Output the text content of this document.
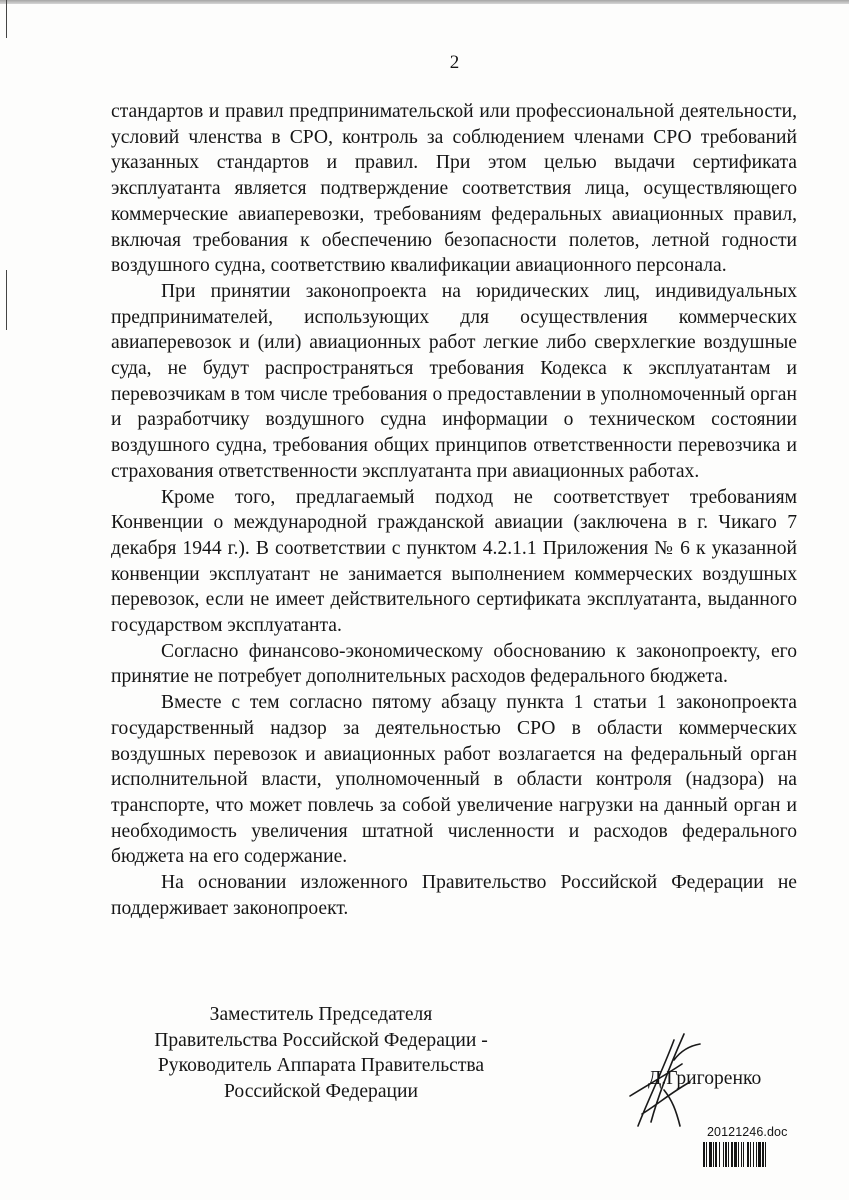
2

стандартов и правил предпринимательской или профессиональной деятельности, условий членства в СРО, контроль за соблюдением членами СРО требований указанных стандартов и правил. При этом целью выдачи сертификата эксплуатанта является подтверждение соответствия лица, осуществляющего коммерческие авиаперевозки, требованиям федеральных авиационных правил, включая требования к обеспечению безопасности полетов, летной годности воздушного судна, соответствию квалификации авиационного персонала.

При принятии законопроекта на юридических лиц, индивидуальных предпринимателей, использующих для осуществления коммерческих авиаперевозок и (или) авиационных работ легкие либо сверхлегкие воздушные суда, не будут распространяться требования Кодекса к эксплуатантам и перевозчикам в том числе требования о предоставлении в уполномоченный орган и разработчику воздушного судна информации о техническом состоянии воздушного судна, требования общих принципов ответственности перевозчика и страхования ответственности эксплуатанта при авиационных работах.

Кроме того, предлагаемый подход не соответствует требованиям Конвенции о международной гражданской авиации (заключена в г. Чикаго 7 декабря 1944 г.). В соответствии с пунктом 4.2.1.1 Приложения № 6 к указанной конвенции эксплуатант не занимается выполнением коммерческих воздушных перевозок, если не имеет действительного сертификата эксплуатанта, выданного государством эксплуатанта.

Согласно финансово-экономическому обоснованию к законопроекту, его принятие не потребует дополнительных расходов федерального бюджета.

Вместе с тем согласно пятому абзацу пункта 1 статьи 1 законопроекта государственный надзор за деятельностью СРО в области коммерческих воздушных перевозок и авиационных работ возлагается на федеральный орган исполнительной власти, уполномоченный в области контроля (надзора) на транспорте, что может повлечь за собой увеличение нагрузки на данный орган и необходимость увеличения штатной численности и расходов федерального бюджета на его содержание.

На основании изложенного Правительство Российской Федерации не поддерживает законопроект.

Заместитель Председателя
Правительства Российской Федерации -
Руководитель Аппарата Правительства
Российской Федерации
Д.Григоренко
20121246.doc
